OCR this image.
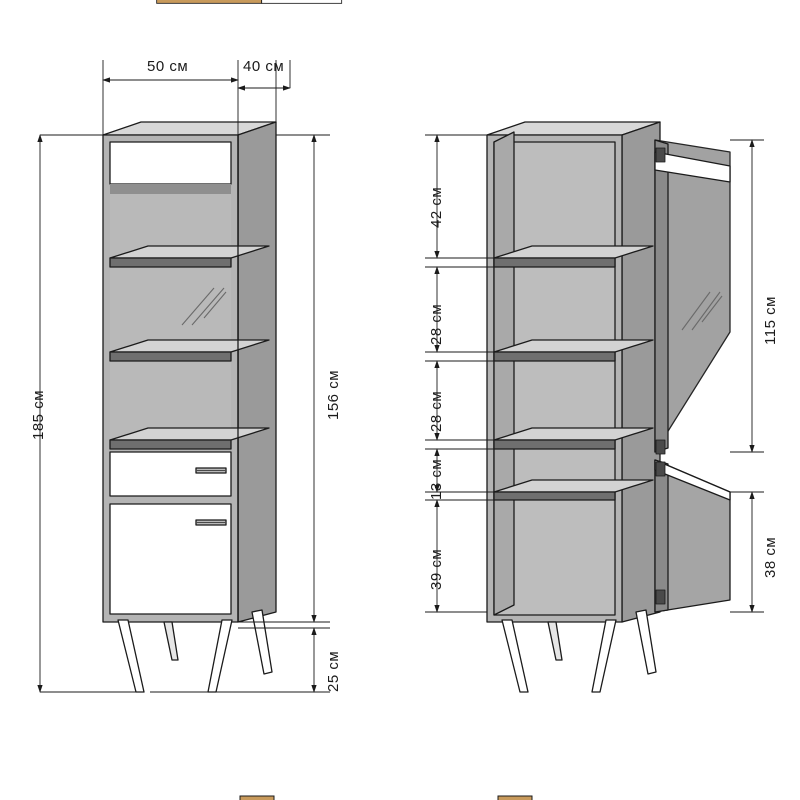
50 см	40 см
185 см	156 см
25 см
42 см
28 см
28 см
13 см
39 см
115 см
38 см
